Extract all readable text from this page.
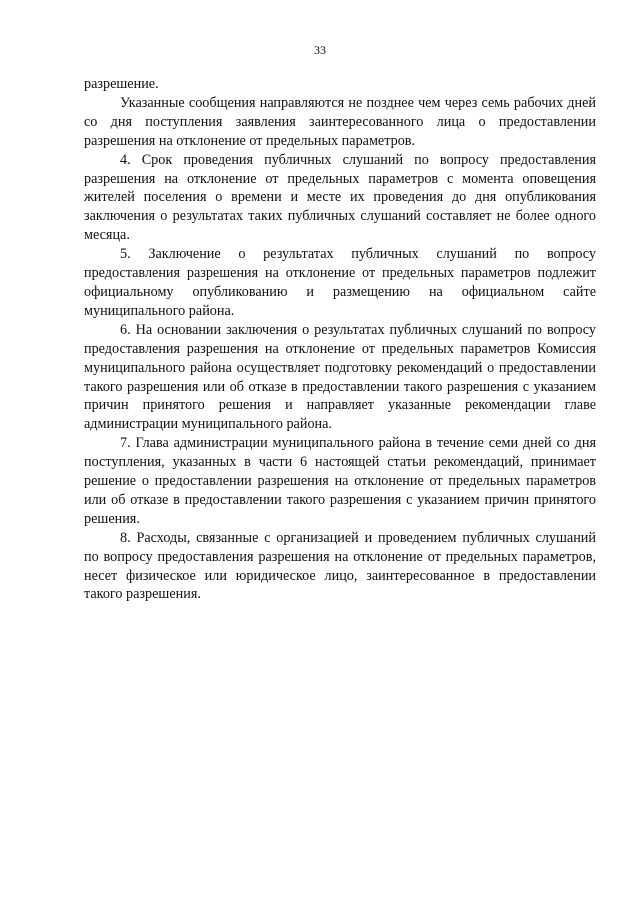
33

разрешение.

Указанные сообщения направляются не позднее чем через семь рабочих дней со дня поступления заявления заинтересованного лица о предоставлении разрешения на отклонение от предельных параметров.

4. Срок проведения публичных слушаний по вопросу предоставления разрешения на отклонение от предельных параметров с момента оповещения жителей поселения о времени и месте их проведения до дня опубликования заключения о результатах таких публичных слушаний составляет не более одного месяца.

5. Заключение о результатах публичных слушаний по вопросу предоставления разрешения на отклонение от предельных параметров подлежит официальному опубликованию и размещению на официальном сайте муниципального района.

6. На основании заключения о результатах публичных слушаний по вопросу предоставления разрешения на отклонение от предельных параметров Комиссия муниципального района осуществляет подготовку рекомендаций о предоставлении такого разрешения или об отказе в предоставлении такого разрешения с указанием причин принятого решения и направляет указанные рекомендации главе администрации муниципального района.

7. Глава администрации муниципального района в течение семи дней со дня поступления, указанных в части 6 настоящей статьи рекомендаций, принимает решение о предоставлении разрешения на отклонение от предельных параметров или об отказе в предоставлении такого разрешения с указанием причин принятого решения.

8. Расходы, связанные с организацией и проведением публичных слушаний по вопросу предоставления разрешения на отклонение от предельных параметров, несет физическое или юридическое лицо, заинтересованное в предоставлении такого разрешения.
